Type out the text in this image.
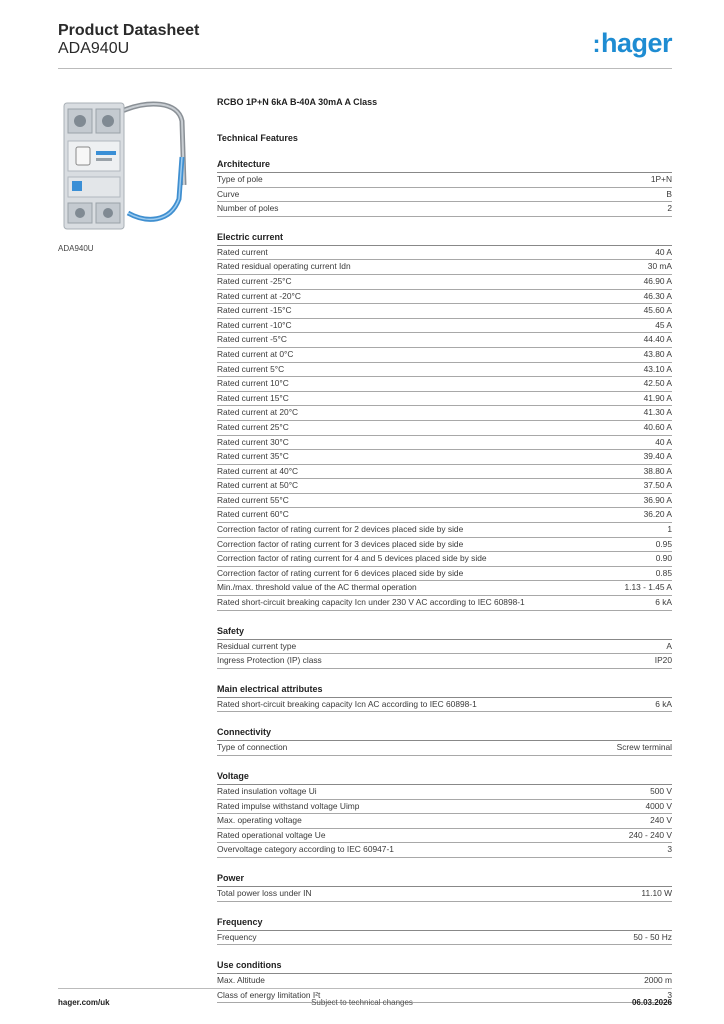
Product Datasheet
ADA940U	:hager
ADA940U
RCBO 1P+N 6kA B-40A 30mA A Class
Technical Features
Architecture
Type of pole	1P+N
Curve	B
Number of poles	2
Electric current
Rated current	40 A
Rated residual operating current Idn	30 mA
Rated current -25°C	46.90 A
Rated current at -20°C	46.30 A
Rated current -15°C	45.60 A
Rated current -10°C	45 A
Rated current -5°C	44.40 A
Rated current at 0°C	43.80 A
Rated current 5°C	43.10 A
Rated current 10°C	42.50 A
Rated current 15°C	41.90 A
Rated current at 20°C	41.30 A
Rated current 25°C	40.60 A
Rated current 30°C	40 A
Rated current 35°C	39.40 A
Rated current at 40°C	38.80 A
Rated current at 50°C	37.50 A
Rated current 55°C	36.90 A
Rated current 60°C	36.20 A
Correction factor of rating current for 2 devices placed side by side	1
Correction factor of rating current for 3 devices placed side by side	0.95
Correction factor of rating current for 4 and 5 devices placed side by side	0.90
Correction factor of rating current for 6 devices placed side by side	0.85
Min./max. threshold value of the AC thermal operation	1.13 - 1.45 A
Rated short-circuit breaking capacity Icn under 230 V AC according to IEC 60898-1	6 kA
Safety
Residual current type	A
Ingress Protection (IP) class	IP20
Main electrical attributes
Rated short-circuit breaking capacity Icn AC according to IEC 60898-1	6 kA
Connectivity
Type of connection	Screw terminal
Voltage
Rated insulation voltage Ui	500 V
Rated impulse withstand voltage Uimp	4000 V
Max. operating voltage	240 V
Rated operational voltage Ue	240 - 240 V
Overvoltage category according to IEC 60947-1	3
Power
Total power loss under IN	11.10 W
Frequency
Frequency	50 - 50 Hz
Use conditions
Max. Altitude	2000 m
Class of energy limitation I²t	3
hager.com/uk	Subject to technical changes	06.03.2026
